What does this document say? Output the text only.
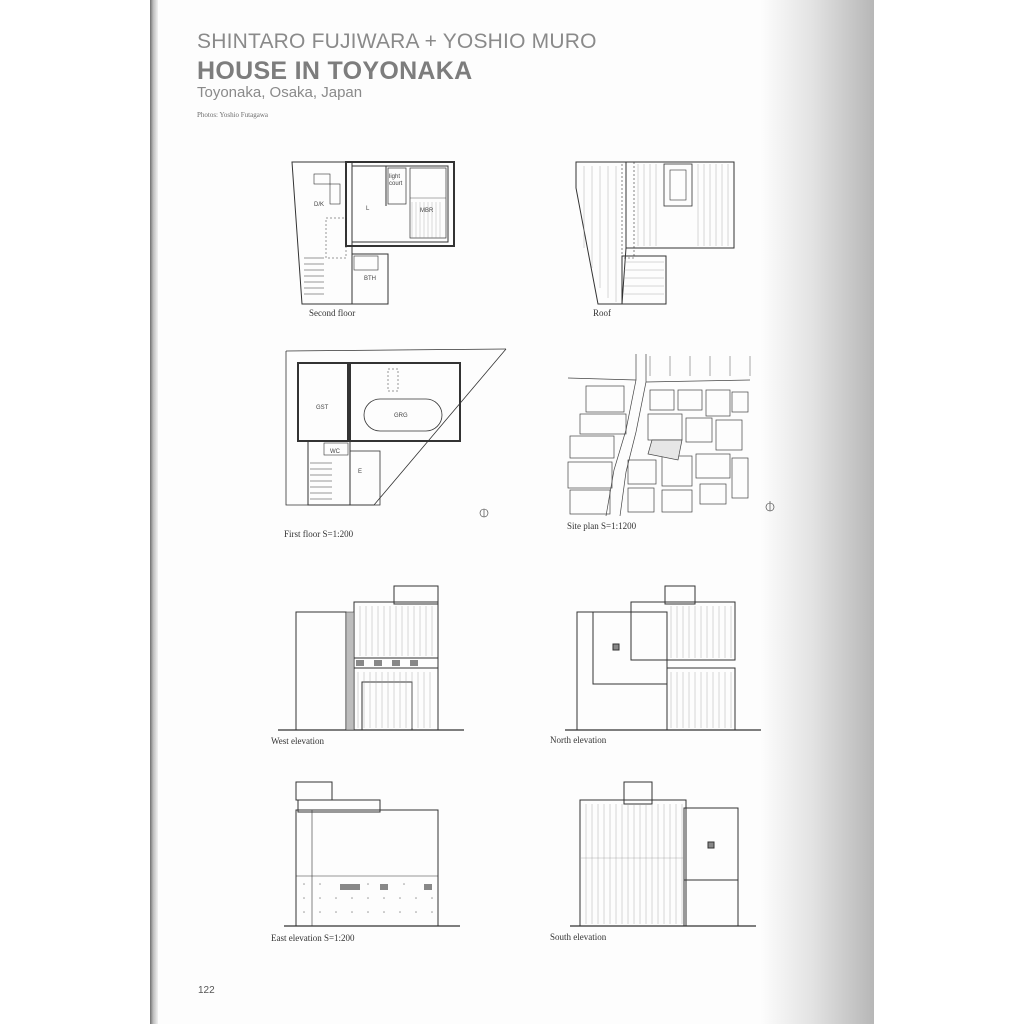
SHINTARO FUJIWARA + YOSHIO MURO
HOUSE IN TOYONAKA
Toyonaka, Osaka, Japan
Photos: Yoshio Futagawa
light
court
D/K
L	MBR
BTH
Second floor	Roof
GST
GRG
WC
E
First floor S=1:200
Site plan S=1:1200
West elevation	North elevation
East elevation S=1:200	South elevation
122
